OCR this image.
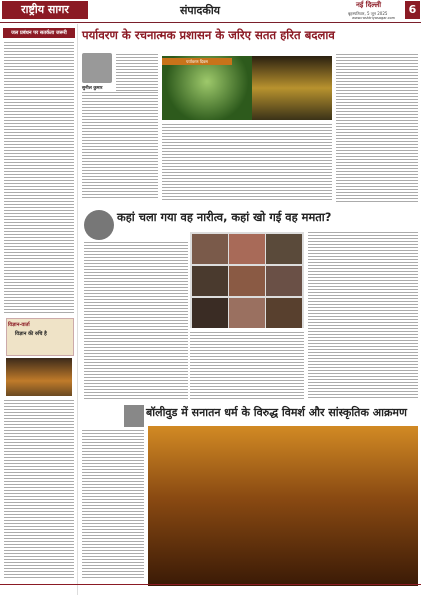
राष्ट्रीय सागर	संपादकीय	नई दिल्ली
बृहस्पतिवार, 5 जून 2025
www.rashtriyasagar.com
6
जल प्रबंधन पर सतर्कता जरूरी
विज्ञान-वार्ता
विज्ञान की रुचि है
पर्यावरण के रचनात्मक प्रशासन के जरिए सतत हरित बदलाव
सुनील कुमार
पर्यावरण दिवस
कहां चला गया वह नारीत्व, कहां खो गई वह ममता?
बॉलीवुड में सनातन धर्म के विरुद्ध विमर्श और सांस्कृतिक आक्रमण
